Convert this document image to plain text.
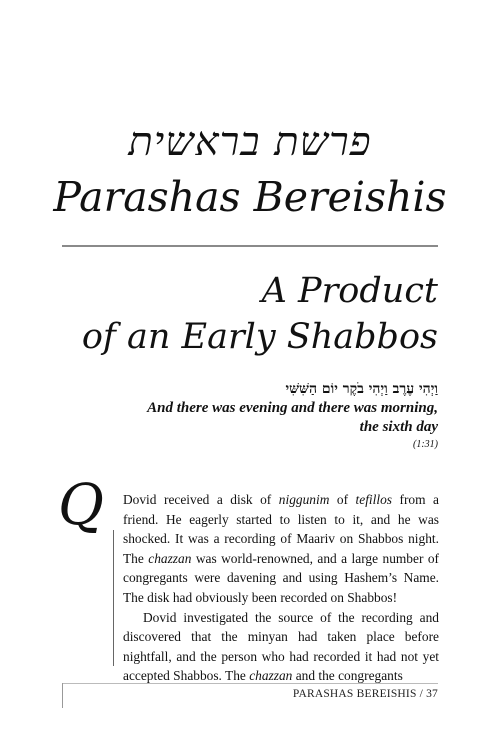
פרשת בראשית
Parashas Bereishis
A Product
of an Early Shabbos
וַיְהִי עֶרֶב וַיְהִי בֹקֶר יוֹם הַשִּׁשִּׁי
And there was evening and there was morning,
the sixth day
(1:31)
Q Dovid received a disk of niggunim of tefillos from a friend. He eagerly started to listen to it, and he was shocked. It was a recording of Maariv on Shabbos night. The chazzan was world-renowned, and a large number of congregants were davening and using Hashem’s Name. The disk had obviously been recorded on Shabbos!

Dovid investigated the source of the recording and discovered that the minyan had taken place before nightfall, and the person who had recorded it had not yet accepted Shabbos. The chazzan and the congregants

PARASHAS BEREISHIS / 37
